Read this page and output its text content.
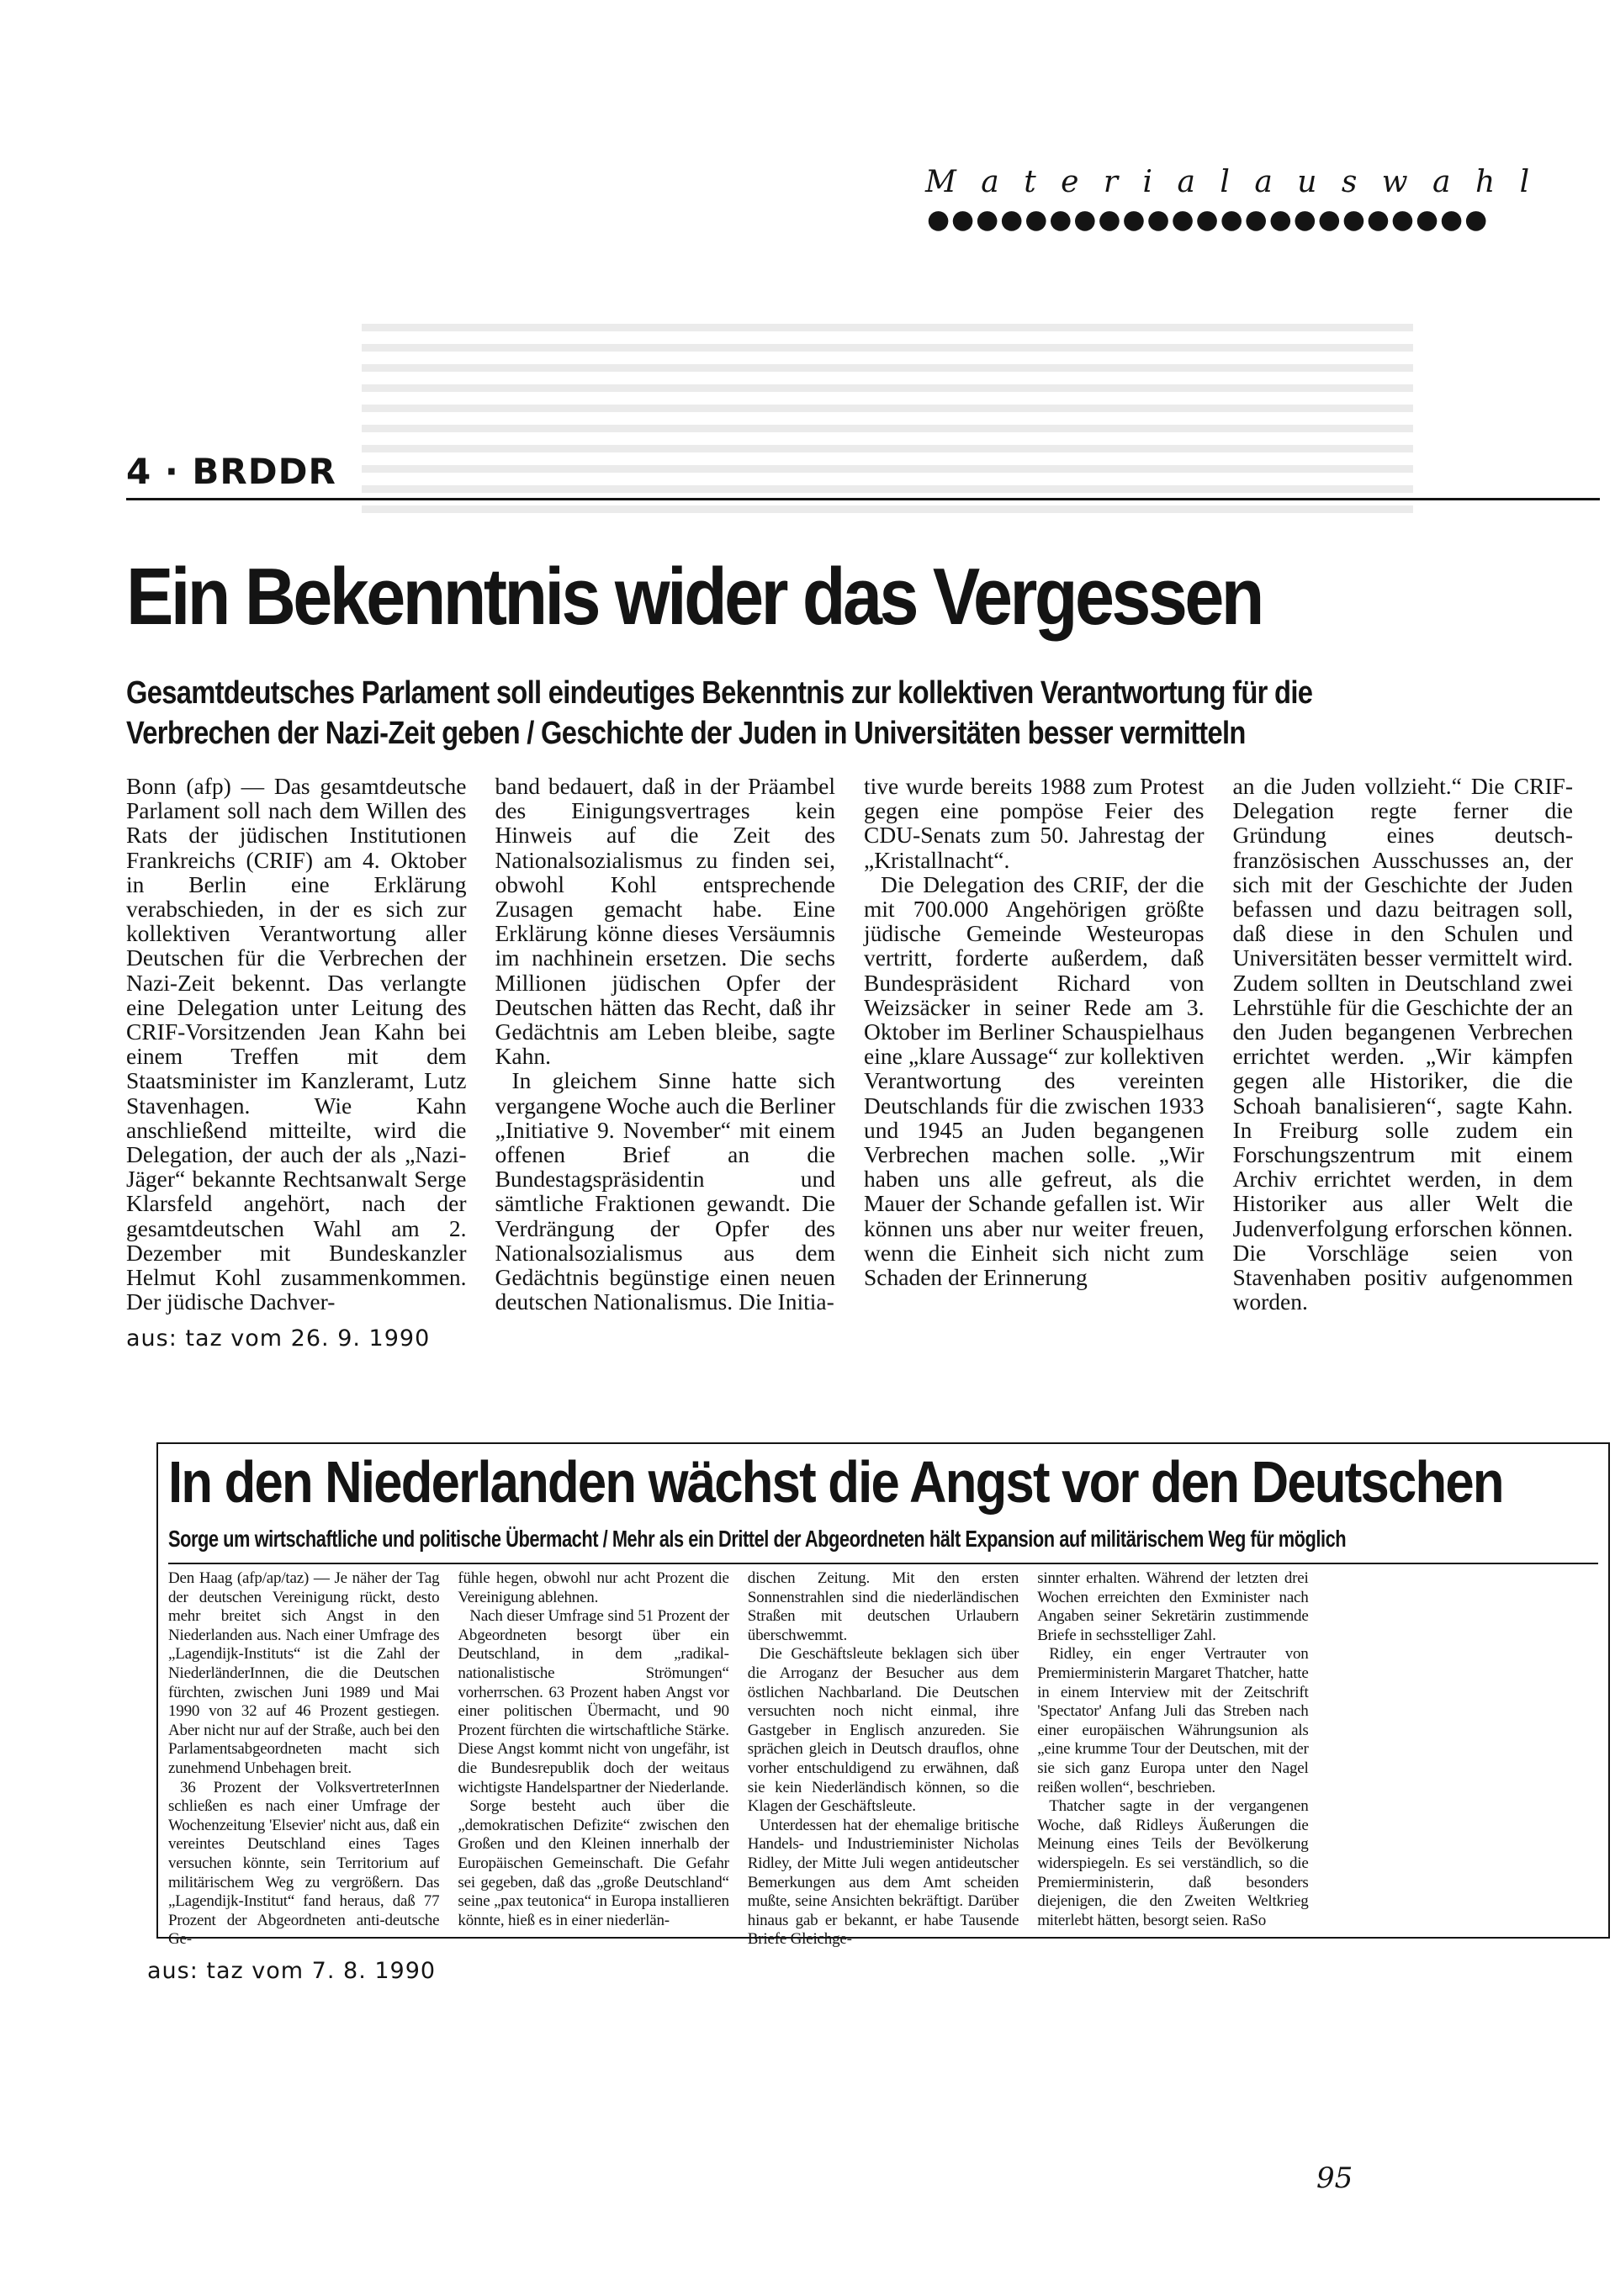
M a t e r i a l a u s w a h l
●●●●●●●●●●●●●●●●●●●●●●●
4 · BRDDR
Ein Bekenntnis wider das Vergessen
Gesamtdeutsches Parlament soll eindeutiges Bekenntnis zur kollektiven Verantwortung für die
Verbrechen der Nazi-Zeit geben / Geschichte der Juden in Universitäten besser vermitteln

Bonn (afp) — Das gesamtdeutsche Parlament soll nach dem Willen des Rats der jüdischen Institutionen Frankreichs (CRIF) am 4. Oktober in Berlin eine Erklärung verabschieden, in der es sich zur kollektiven Verantwortung aller Deutschen für die Verbrechen der Nazi-Zeit bekennt. Das verlangte eine Delegation unter Leitung des CRIF-Vorsitzenden Jean Kahn bei einem Treffen mit dem Staatsminister im Kanzleramt, Lutz Stavenhagen. Wie Kahn anschließend mitteilte, wird die Delegation, der auch der als „Nazi-Jäger“ bekannte Rechtsanwalt Serge Klarsfeld angehört, nach der gesamtdeutschen Wahl am 2. Dezember mit Bundeskanzler Helmut Kohl zusammenkommen. Der jüdische Dachver-

band bedauert, daß in der Präambel des Einigungsvertrages kein Hinweis auf die Zeit des Nationalsozialismus zu finden sei, obwohl Kohl entsprechende Zusagen gemacht habe. Eine Erklärung könne dieses Versäumnis im nachhinein ersetzen. Die sechs Millionen jüdischen Opfer der Deutschen hätten das Recht, daß ihr Gedächtnis am Leben bleibe, sagte Kahn.

In gleichem Sinne hatte sich vergangene Woche auch die Berliner „Initiative 9. November“ mit einem offenen Brief an die Bundestagspräsidentin und sämtliche Fraktionen gewandt. Die Verdrängung der Opfer des Nationalsozialismus aus dem Gedächtnis begünstige einen neuen deutschen Nationalismus. Die Initia-

tive wurde bereits 1988 zum Protest gegen eine pompöse Feier des CDU-Senats zum 50. Jahrestag der „Kristallnacht“.

Die Delegation des CRIF, der die mit 700.000 Angehörigen größte jüdische Gemeinde Westeuropas vertritt, forderte außerdem, daß Bundespräsident Richard von Weizsäcker in seiner Rede am 3. Oktober im Berliner Schauspielhaus eine „klare Aussage“ zur kollektiven Verantwortung des vereinten Deutschlands für die zwischen 1933 und 1945 an Juden begangenen Verbrechen machen solle. „Wir haben uns alle gefreut, als die Mauer der Schande gefallen ist. Wir können uns aber nur weiter freuen, wenn die Einheit sich nicht zum Schaden der Erinnerung

an die Juden vollzieht.“ Die CRIF-Delegation regte ferner die Gründung eines deutsch-französischen Ausschusses an, der sich mit der Geschichte der Juden befassen und dazu beitragen soll, daß diese in den Schulen und Universitäten besser vermittelt wird. Zudem sollten in Deutschland zwei Lehrstühle für die Geschichte der an den Juden begangenen Verbrechen errichtet werden. „Wir kämpfen gegen alle Historiker, die die Schoah banalisieren“, sagte Kahn. In Freiburg solle zudem ein Forschungszentrum mit einem Archiv errichtet werden, in dem Historiker aus aller Welt die Judenverfolgung erforschen können. Die Vorschläge seien von Stavenhaben positiv aufgenommen worden.

aus: taz vom 26. 9. 1990
In den Niederlanden wächst die Angst vor den Deutschen
Sorge um wirtschaftliche und politische Übermacht / Mehr als ein Drittel der Abgeordneten hält Expansion auf militärischem Weg für möglich

Den Haag (afp/ap/taz) — Je näher der Tag der deutschen Vereinigung rückt, desto mehr breitet sich Angst in den Niederlanden aus. Nach einer Umfrage des „Lagendijk-Instituts“ ist die Zahl der NiederländerInnen, die die Deutschen fürchten, zwischen Juni 1989 und Mai 1990 von 32 auf 46 Prozent gestiegen. Aber nicht nur auf der Straße, auch bei den Parlamentsabgeordneten macht sich zunehmend Unbehagen breit.

36 Prozent der VolksvertreterInnen schließen es nach einer Umfrage der Wochenzeitung 'Elsevier' nicht aus, daß ein vereintes Deutschland eines Tages versuchen könnte, sein Territorium auf militärischem Weg zu vergrößern. Das „Lagendijk-Institut“ fand heraus, daß 77 Prozent der Abgeordneten anti-deutsche Ge-

fühle hegen, obwohl nur acht Prozent die Vereinigung ablehnen.

Nach dieser Umfrage sind 51 Prozent der Abgeordneten besorgt über ein Deutschland, in dem „radikal-nationalistische Strömungen“ vorherrschen. 63 Prozent haben Angst vor einer politischen Übermacht, und 90 Prozent fürchten die wirtschaftliche Stärke. Diese Angst kommt nicht von ungefähr, ist die Bundesrepublik doch der weitaus wichtigste Handelspartner der Niederlande.

Sorge besteht auch über die „demokratischen Defizite“ zwischen den Großen und den Kleinen innerhalb der Europäischen Gemeinschaft. Die Gefahr sei gegeben, daß das „große Deutschland“ seine „pax teutonica“ in Europa installieren könnte, hieß es in einer niederlän-

dischen Zeitung. Mit den ersten Sonnenstrahlen sind die niederländischen Straßen mit deutschen Urlaubern überschwemmt.

Die Geschäftsleute beklagen sich über die Arroganz der Besucher aus dem östlichen Nachbarland. Die Deutschen versuchten noch nicht einmal, ihre Gastgeber in Englisch anzureden. Sie sprächen gleich in Deutsch drauflos, ohne vorher entschuldigend zu erwähnen, daß sie kein Niederländisch können, so die Klagen der Geschäftsleute.

Unterdessen hat der ehemalige britische Handels- und Industrieminister Nicholas Ridley, der Mitte Juli wegen antideutscher Bemerkungen aus dem Amt scheiden mußte, seine Ansichten bekräftigt. Darüber hinaus gab er bekannt, er habe Tausende Briefe Gleichge-

sinnter erhalten. Während der letzten drei Wochen erreichten den Exminister nach Angaben seiner Sekretärin zustimmende Briefe in sechsstelliger Zahl.

Ridley, ein enger Vertrauter von Premierministerin Margaret Thatcher, hatte in einem Interview mit der Zeitschrift 'Spectator' Anfang Juli das Streben nach einer europäischen Währungsunion als „eine krumme Tour der Deutschen, mit der sie sich ganz Europa unter den Nagel reißen wollen“, beschrieben.

Thatcher sagte in der vergangenen Woche, daß Ridleys Äußerungen die Meinung eines Teils der Bevölkerung widerspiegeln. Es sei verständlich, so die Premierministerin, daß besonders diejenigen, die den Zweiten Weltkrieg miterlebt hätten, besorgt seien. RaSo

aus: taz vom 7. 8. 1990
95
